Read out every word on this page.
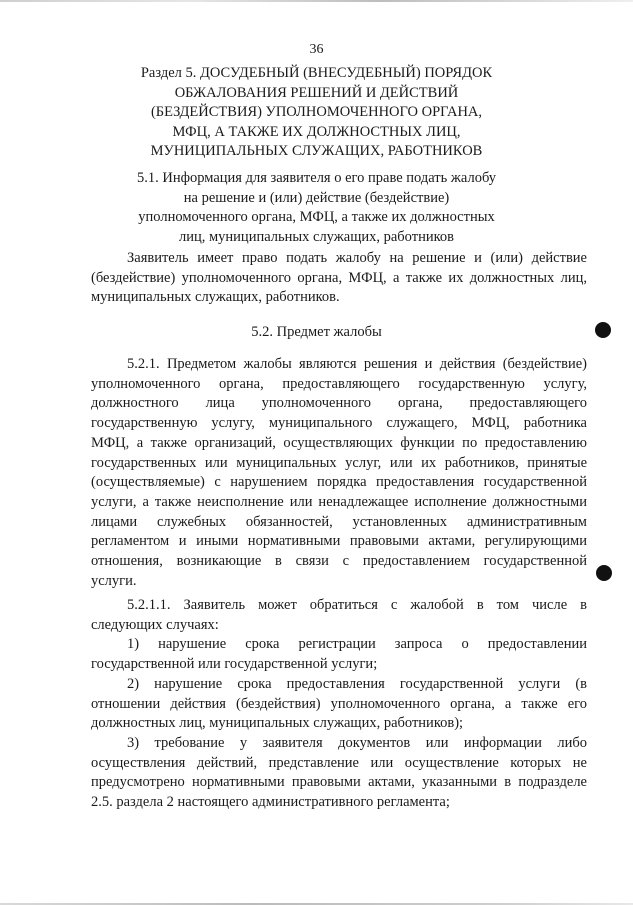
36
Раздел 5. ДОСУДЕБНЫЙ (ВНЕСУДЕБНЫЙ) ПОРЯДОК
ОБЖАЛОВАНИЯ РЕШЕНИЙ И ДЕЙСТВИЙ
(БЕЗДЕЙСТВИЯ) УПОЛНОМОЧЕННОГО ОРГАНА,
МФЦ, А ТАКЖЕ ИХ ДОЛЖНОСТНЫХ ЛИЦ,
МУНИЦИПАЛЬНЫХ СЛУЖАЩИХ, РАБОТНИКОВ
5.1. Информация для заявителя о его праве подать жалобу
на решение и (или) действие (бездействие)
уполномоченного органа, МФЦ, а также их должностных
лиц, муниципальных служащих, работников
Заявитель имеет право подать жалобу на решение и (или) действие
(бездействие) уполномоченного органа, МФЦ, а также их должностных лиц,
муниципальных служащих, работников.
5.2. Предмет жалобы
5.2.1. Предметом жалобы являются решения и действия (бездействие)
уполномоченного органа, предоставляющего государственную услугу,
должностного лица уполномоченного органа, предоставляющего
государственную услугу, муниципального служащего, МФЦ, работника
МФЦ, а также организаций, осуществляющих функции по предоставлению
государственных или муниципальных услуг, или их работников, принятые
(осуществляемые) с нарушением порядка предоставления государственной
услуги, а также неисполнение или ненадлежащее исполнение должностными
лицами служебных обязанностей, установленных административным
регламентом и иными нормативными правовыми актами, регулирующими
отношения, возникающие в связи с предоставлением государственной
услуги.
5.2.1.1. Заявитель может обратиться с жалобой в том числе в
следующих случаях:
1) нарушение срока регистрации запроса о предоставлении
государственной или государственной услуги;
2) нарушение срока предоставления государственной услуги (в
отношении действия (бездействия) уполномоченного органа, а также его
должностных лиц, муниципальных служащих, работников);
3) требование у заявителя документов или информации либо
осуществления действий, представление или осуществление которых не
предусмотрено нормативными правовыми актами, указанными в подразделе
2.5. раздела 2 настоящего административного регламента;
